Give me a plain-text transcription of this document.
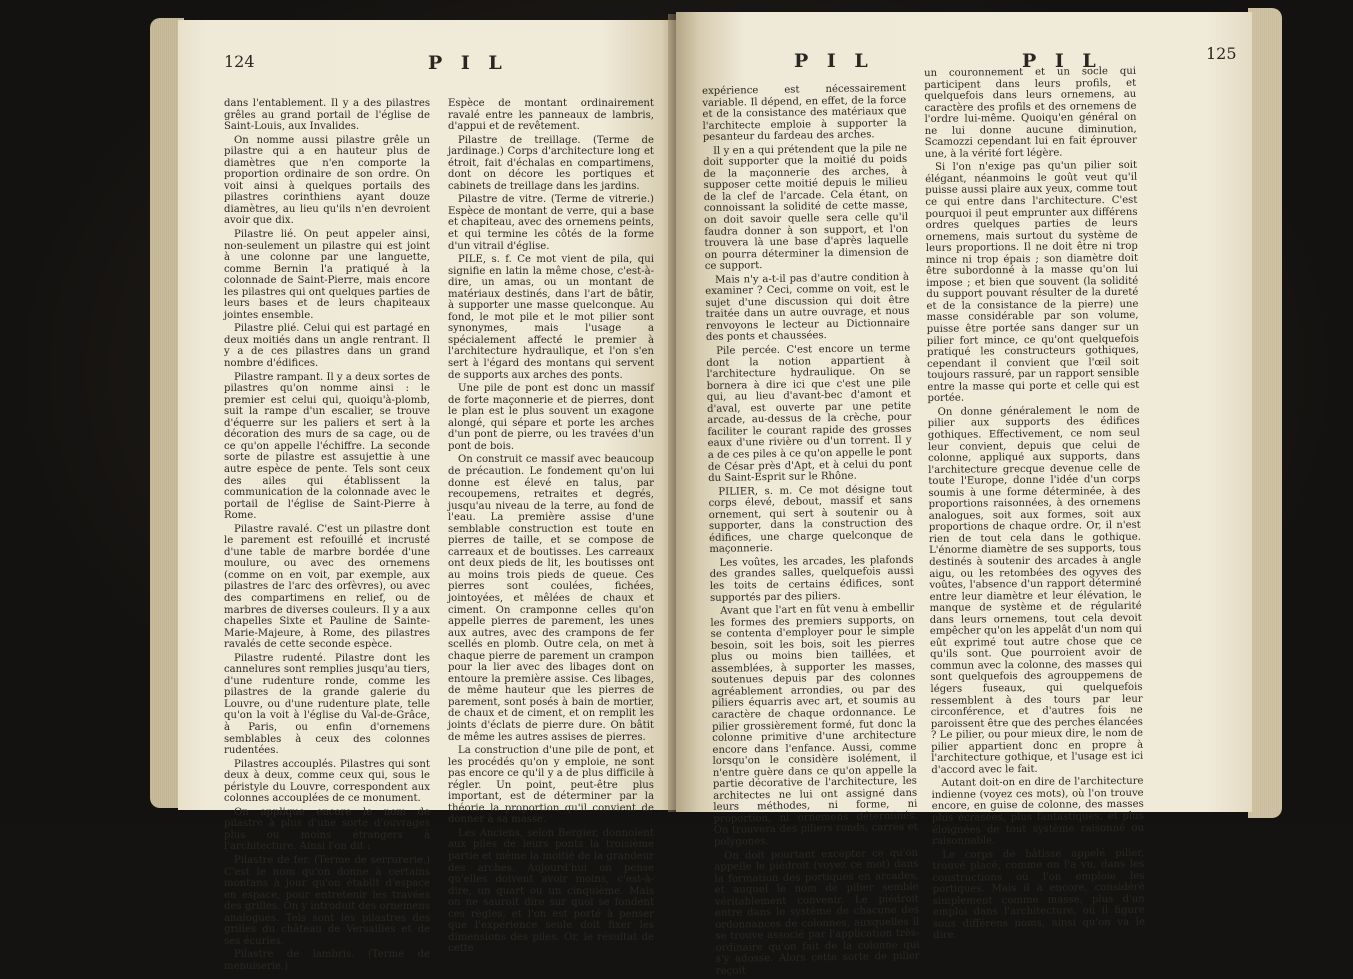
124	P I L

dans l'entablement. Il y a des pilastres grêles au grand portail de l'église de Saint-Louis, aux Invalides.

On nomme aussi pilastre grêle un pilastre qui a en hauteur plus de diamètres que n'en comporte la proportion ordinaire de son ordre. On voit ainsi à quelques portails des pilastres corinthiens ayant douze diamètres, au lieu qu'ils n'en devroient avoir que dix.

Pilastre lié. On peut appeler ainsi, non-seulement un pilastre qui est joint à une colonne par une languette, comme Bernin l'a pratiqué à la colonnade de Saint-Pierre, mais encore les pilastres qui ont quelques parties de leurs bases et de leurs chapiteaux jointes ensemble.

Pilastre plié. Celui qui est partagé en deux moitiés dans un angle rentrant. Il y a de ces pilastres dans un grand nombre d'édifices.

Pilastre rampant. Il y a deux sortes de pilastres qu'on nomme ainsi : le premier est celui qui, quoiqu'à-plomb, suit la rampe d'un escalier, se trouve d'équerre sur les paliers et sert à la décoration des murs de sa cage, ou de ce qu'on appelle l'échiffre. La seconde sorte de pilastre est assujettie à une autre espèce de pente. Tels sont ceux des ailes qui établissent la communication de la colonnade avec le portail de l'église de Saint-Pierre à Rome.

Pilastre ravalé. C'est un pilastre dont le parement est refouillé et incrusté d'une table de marbre bordée d'une moulure, ou avec des ornemens (comme on en voit, par exemple, aux pilastres de l'arc des orfèvres), ou avec des compartimens en relief, ou de marbres de diverses couleurs. Il y a aux chapelles Sixte et Pauline de Sainte-Marie-Majeure, à Rome, des pilastres ravalés de cette seconde espèce.

Pilastre rudenté. Pilastre dont les cannelures sont remplies jusqu'au tiers, d'une rudenture ronde, comme les pilastres de la grande galerie du Louvre, ou d'une rudenture plate, telle qu'on la voit à l'église du Val-de-Grâce, à Paris, ou enfin d'ornemens semblables à ceux des colonnes rudentées.

Pilastres accouplés. Pilastres qui sont deux à deux, comme ceux qui, sous le péristyle du Louvre, correspondent aux colonnes accouplées de ce monument.

On applique encore le nom de pilastre à plus d'une sorte d'ouvrages plus ou moins étrangers à l'architecture. Ainsi l'on dit :

Pilastre de fer. (Terme de serrurerie.) C'est le nom qu'on donne à certains montans à jour qu'on établit d'espace en espace, pour entretenir les travées des grilles. On y introduit des ornemens analogues. Tels sont les pilastres des grilles du château de Versailles et de ses écuries.

Pilastre de lambris. (Terme de menuiserie.)

Espèce de montant ordinairement ravalé entre les panneaux de lambris, d'appui et de revêtement.

Pilastre de treillage. (Terme de jardinage.) Corps d'architecture long et étroit, fait d'échalas en compartimens, dont on décore les portiques et cabinets de treillage dans les jardins.

Pilastre de vitre. (Terme de vitrerie.) Espèce de montant de verre, qui a base et chapiteau, avec des ornemens peints, et qui termine les côtés de la forme d'un vitrail d'église.

PILE, s. f. Ce mot vient de pila, qui signifie en latin la même chose, c'est-à-dire, un amas, ou un montant de matériaux destinés, dans l'art de bâtir, à supporter une masse quelconque. Au fond, le mot pile et le mot pilier sont synonymes, mais l'usage a spécialement affecté le premier à l'architecture hydraulique, et l'on s'en sert à l'égard des montans qui servent de supports aux arches des ponts.

Une pile de pont est donc un massif de forte maçonnerie et de pierres, dont le plan est le plus souvent un exagone alongé, qui sépare et porte les arches d'un pont de pierre, ou les travées d'un pont de bois.

On construit ce massif avec beaucoup de précaution. Le fondement qu'on lui donne est élevé en talus, par recoupemens, retraites et degrés, jusqu'au niveau de la terre, au fond de l'eau. La première assise d'une semblable construction est toute en pierres de taille, et se compose de carreaux et de boutisses. Les carreaux ont deux pieds de lit, les boutisses ont au moins trois pieds de queue. Ces pierres sont coulées, fichées, jointoyées, et mêlées de chaux et ciment. On cramponne celles qu'on appelle pierres de parement, les unes aux autres, avec des crampons de fer scellés en plomb. Outre cela, on met à chaque pierre de parement un crampon pour la lier avec des libages dont on entoure la première assise. Ces libages, de même hauteur que les pierres de parement, sont posés à bain de mortier, de chaux et de ciment, et on remplit les joints d'éclats de pierre dure. On bâtit de même les autres assises de pierres.

La construction d'une pile de pont, et les procédés qu'on y emploie, ne sont pas encore ce qu'il y a de plus difficile à régler. Un point, peut-être plus important, est de déterminer par la théorie la proportion qu'il convient de donner à sa masse.

Les Anciens, selon Bergier, donnoient aux piles de leurs ponts la troisième partie et même la moitié de la grandeur des arches. Aujourd'hui on pense qu'elles doivent avoir moins, c'est-à-dire, un quart ou un cinquième. Mais on ne sauroit dire sur quoi se fondent ces règles, et l'on est porté à penser que l'expérience seule doit fixer les dimensions des piles. Or, le résultat de cette

P I L	P I L	125

expérience est nécessairement variable. Il dépend, en effet, de la force et de la consistance des matériaux que l'architecte emploie à supporter la pesanteur du fardeau des arches.

Il y en a qui prétendent que la pile ne doit supporter que la moitié du poids de la maçonnerie des arches, à supposer cette moitié depuis le milieu de la clef de l'arcade. Cela étant, on connoissant la solidité de cette masse, on doit savoir quelle sera celle qu'il faudra donner à son support, et l'on trouvera là une base d'après laquelle on pourra déterminer la dimension de ce support.

Mais n'y a-t-il pas d'autre condition à examiner ? Ceci, comme on voit, est le sujet d'une discussion qui doit être traitée dans un autre ouvrage, et nous renvoyons le lecteur au Dictionnaire des ponts et chaussées.

Pile percée. C'est encore un terme dont la notion appartient à l'architecture hydraulique. On se bornera à dire ici que c'est une pile qui, au lieu d'avant-bec d'amont et d'aval, est ouverte par une petite arcade, au-dessus de la crèche, pour faciliter le courant rapide des grosses eaux d'une rivière ou d'un torrent. Il y a de ces piles à ce qu'on appelle le pont de César près d'Apt, et à celui du pont du Saint-Esprit sur le Rhône.

PILIER, s. m. Ce mot désigne tout corps élevé, debout, massif et sans ornement, qui sert à soutenir ou à supporter, dans la construction des édifices, une charge quelconque de maçonnerie.

Les voûtes, les arcades, les plafonds des grandes salles, quelquefois aussi les toits de certains édifices, sont supportés par des piliers.

Avant que l'art en fût venu à embellir les formes des premiers supports, on se contenta d'employer pour le simple besoin, soit les bois, soit les pierres plus ou moins bien taillées, et assemblées, à supporter les masses, soutenues depuis par des colonnes agréablement arrondies, ou par des piliers équarris avec art, et soumis au caractère de chaque ordonnance. Le pilier grossièrement formé, fut donc la colonne primitive d'une architecture encore dans l'enfance. Aussi, comme lorsqu'on le considère isolément, il n'entre guère dans ce qu'on appelle la partie décorative de l'architecture, les architectes ne lui ont assigné dans leurs méthodes, ni forme, ni proportion, ni ornemens déterminés. On trouvera des piliers ronds, carrés et polygones.

On doit pourtant excepter ce qu'on appelle le piédroit (voyez ce mot) dans la formation des portiques en arcades, et auquel le nom de pilier semble véritablement convenir. Le piédroit entre dans le système de chacune des ordonnances de colonnes, auxquelles il se trouve associé par l'application très-ordinaire qu'on fait de la colonne qui s'y adosse. Alors cette sorte de pilier reçoit

un couronnement et un socle qui participent dans leurs profils, et quelquefois dans leurs ornemens, au caractère des profils et des ornemens de l'ordre lui-même. Quoiqu'en général on ne lui donne aucune diminution, Scamozzi cependant lui en fait éprouver une, à la vérité fort légère.

Si l'on n'exige pas qu'un pilier soit élégant, néanmoins le goût veut qu'il puisse aussi plaire aux yeux, comme tout ce qui entre dans l'architecture. C'est pourquoi il peut emprunter aux différens ordres quelques parties de leurs ornemens, mais surtout du système de leurs proportions. Il ne doit être ni trop mince ni trop épais ; son diamètre doit être subordonné à la masse qu'on lui impose ; et bien que souvent (la solidité du support pouvant résulter de la dureté et de la consistance de la pierre) une masse considérable par son volume, puisse être portée sans danger sur un pilier fort mince, ce qu'ont quelquefois pratiqué les constructeurs gothiques, cependant il convient que l'œil soit toujours rassuré, par un rapport sensible entre la masse qui porte et celle qui est portée.

On donne généralement le nom de pilier aux supports des édifices gothiques. Effectivement, ce nom seul leur convient, depuis que celui de colonne, appliqué aux supports, dans l'architecture grecque devenue celle de toute l'Europe, donne l'idée d'un corps soumis à une forme déterminée, à des proportions raisonnées, à des ornemens analogues, soit aux formes, soit aux proportions de chaque ordre. Or, il n'est rien de tout cela dans le gothique. L'énorme diamètre de ses supports, tous destinés à soutenir des arcades à angle aigu, ou les retombées des ogyves des voûtes, l'absence d'un rapport déterminé entre leur diamètre et leur élévation, le manque de système et de régularité dans leurs ornemens, tout cela devoit empêcher qu'on les appelât d'un nom qui eût exprimé tout autre chose que ce qu'ils sont. Que pourroient avoir de commun avec la colonne, des masses qui sont quelquefois des agrouppemens de légers fuseaux, qui quelquefois ressemblent à des tours par leur circonférence, et d'autres fois ne paroissent être que des perches élancées ? Le pilier, ou pour mieux dire, le nom de pilier appartient donc en propre à l'architecture gothique, et l'usage est ici d'accord avec le fait.

Autant doit-on en dire de l'architecture indienne (voyez ces mots), où l'on trouve encore, en guise de colonne, des masses plus écrasées, plus fantastiques, et plus éloignées de tout système raisonné ou raisonnable.

Le corps de bâtisse appelé pilier, trouvé placé, comme on l'a vu, dans les constructions où l'on emploie les portiques. Mais il a encore, considéré simplement comme masse, plus d'un emploi dans l'architecture, où il figure sous différens noms, ainsi qu'on va le dire.
